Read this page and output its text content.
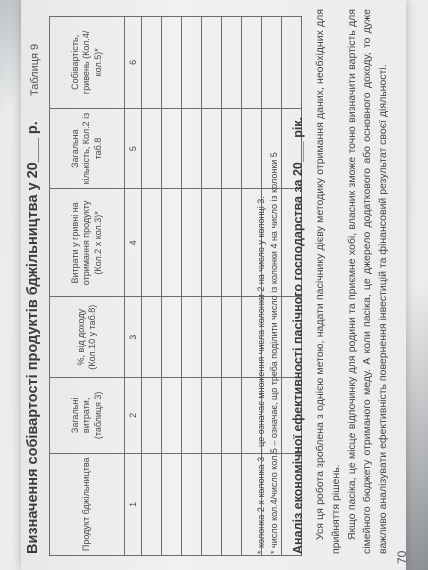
Визначення собівартості продуктів бджільництва у 20___ р.
Таблиця 9
Продукт бджільництва	Загальні витрати, (таблиця 3)	%, від доходу (Кол.10 у таб.8)	Витрати у гривні на отримання продукту (Кол.2 х кол.3)*	Загальна кількість, Кол.2 із таб.8	Собівартість, гривень (Кол.4/кол.5)*
1	2	3	4	5	6

* колонка 2 х колонка 3 – це означає множення числа колонки 2 на число у колонці 3. * число кол.4/число кол.5 – означає, що треба поділити число із колонки 4 на число із колонки 5 Аналіз економічної ефективності пасічного господарства за 20___ рік. Уся ця робота зроблена з однією метою, надати пасічнику дієву методику отримання даних, необхідних для прийняття рішень. Якщо пасіка, це місце відпочинку для родини та приємне хобі, власник зможе точно визначити вартість для сімейного бюджету отриманого меду. А коли пасіка, це джерело додаткового або основного доходу, то дуже важливо аналізувати ефективність повернення інвестицій та фінансовий результат своєї діяльності.

70
